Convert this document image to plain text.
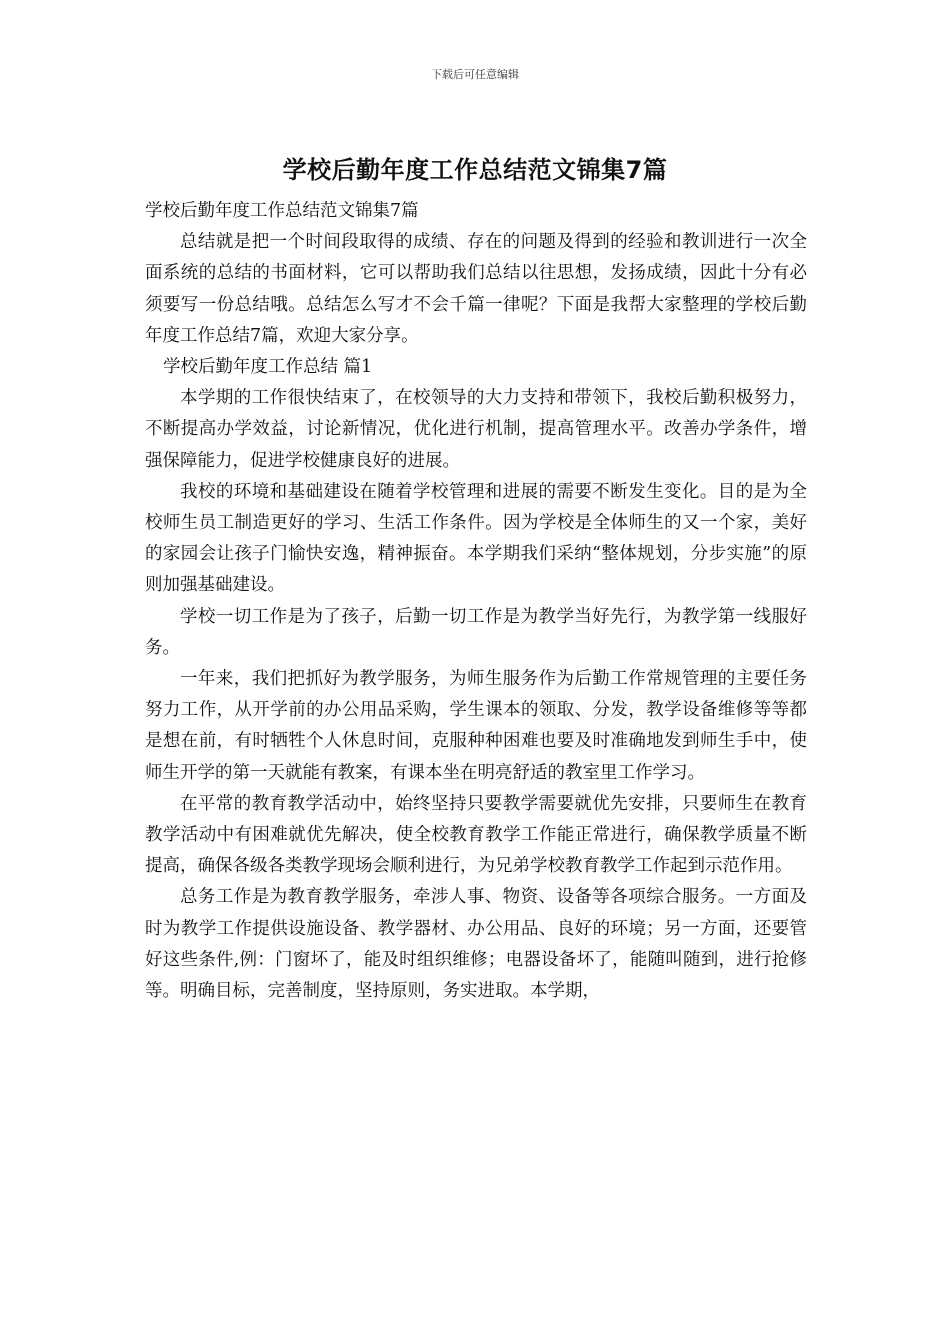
下载后可任意编辑
学校后勤年度工作总结范文锦集7篇

学校后勤年度工作总结范文锦集7篇

总结就是把一个时间段取得的成绩、存在的问题及得到的经验和教训进行一次全面系统的总结的书面材料，它可以帮助我们总结以往思想，发扬成绩，因此十分有必须要写一份总结哦。总结怎么写才不会千篇一律呢？下面是我帮大家整理的学校后勤年度工作总结7篇，欢迎大家分享。

学校后勤年度工作总结 篇1

本学期的工作很快结束了，在校领导的大力支持和带领下，我校后勤积极努力，不断提高办学效益，讨论新情况，优化进行机制，提高管理水平。改善办学条件，增强保障能力，促进学校健康良好的进展。

我校的环境和基础建设在随着学校管理和进展的需要不断发生变化。目的是为全校师生员工制造更好的学习、生活工作条件。因为学校是全体师生的又一个家，美好的家园会让孩子门愉快安逸，精神振奋。本学期我们采纳“整体规划，分步实施”的原则加强基础建设。

学校一切工作是为了孩子，后勤一切工作是为教学当好先行，为教学第一线服好务。

一年来，我们把抓好为教学服务，为师生服务作为后勤工作常规管理的主要任务努力工作，从开学前的办公用品采购，学生课本的领取、分发，教学设备维修等等都是想在前，有时牺牲个人休息时间，克服种种困难也要及时准确地发到师生手中，使师生开学的第一天就能有教案，有课本坐在明亮舒适的教室里工作学习。

在平常的教育教学活动中，始终坚持只要教学需要就优先安排，只要师生在教育教学活动中有困难就优先解决，使全校教育教学工作能正常进行，确保教学质量不断提高，确保各级各类教学现场会顺利进行，为兄弟学校教育教学工作起到示范作用。

总务工作是为教育教学服务，牵涉人事、物资、设备等各项综合服务。一方面及时为教学工作提供设施设备、教学器材、办公用品、良好的环境；另一方面，还要管好这些条件,例：门窗坏了，能及时组织维修；电器设备坏了，能随叫随到，进行抢修等。明确目标，完善制度，坚持原则，务实进取。本学期，
